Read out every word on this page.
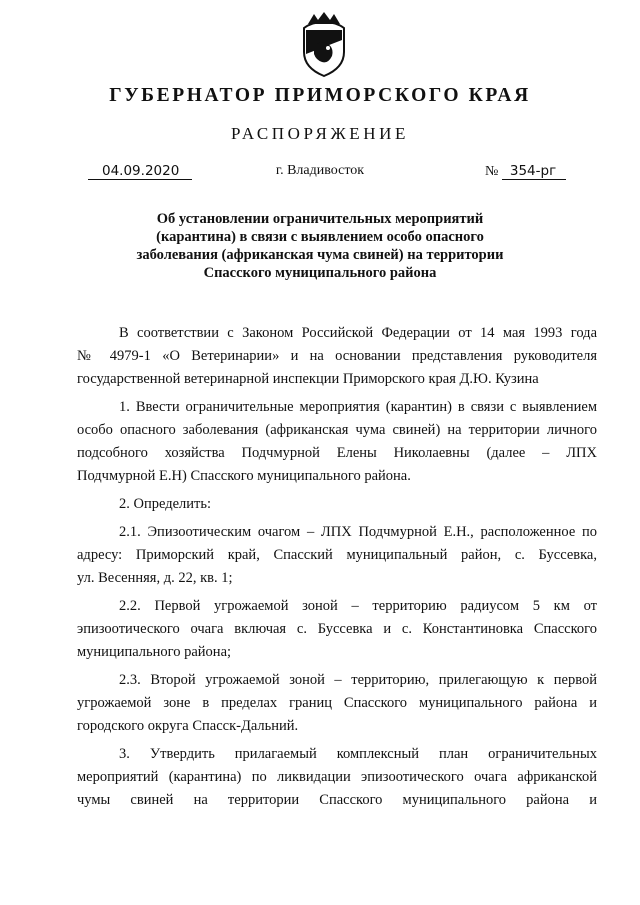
ГУБЕРНАТОР ПРИМОРСКОГО КРАЯ
РАСПОРЯЖЕНИЕ
04.09.2020	г. Владивосток	№ 354-рг
Об установлении ограничительных мероприятий
(карантина) в связи с выявлением особо опасного
заболевания (африканская чума свиней) на территории
Спасского муниципального района
В соответствии с Законом Российской Федерации от 14 мая 1993 года
№ 4979-1 «О Ветеринарии» и на основании представления руководителя
государственной ветеринарной инспекции Приморского края Д.Ю. Кузина
1. Ввести ограничительные мероприятия (карантин) в связи с выявлением
особо опасного заболевания (африканская чума свиней) на территории личного
подсобного хозяйства Подчмурной Елены Николаевны (далее – ЛПХ
Подчмурной Е.Н) Спасского муниципального района.
2. Определить:
2.1. Эпизоотическим очагом – ЛПХ Подчмурной Е.Н., расположенное по
адресу: Приморский край, Спасский муниципальный район, с. Буссевка,
ул. Весенняя, д. 22, кв. 1;
2.2. Первой угрожаемой зоной – территорию радиусом 5 км от
эпизоотического очага включая с. Буссевка и с. Константиновка Спасского
муниципального района;
2.3. Второй угрожаемой зоной – территорию, прилегающую к первой
угрожаемой зоне в пределах границ Спасского муниципального района и
городского округа Спасск-Дальний.
3. Утвердить прилагаемый комплексный план ограничительных
мероприятий (карантина) по ликвидации эпизоотического очага африканской
чумы свиней на территории Спасского муниципального района и
